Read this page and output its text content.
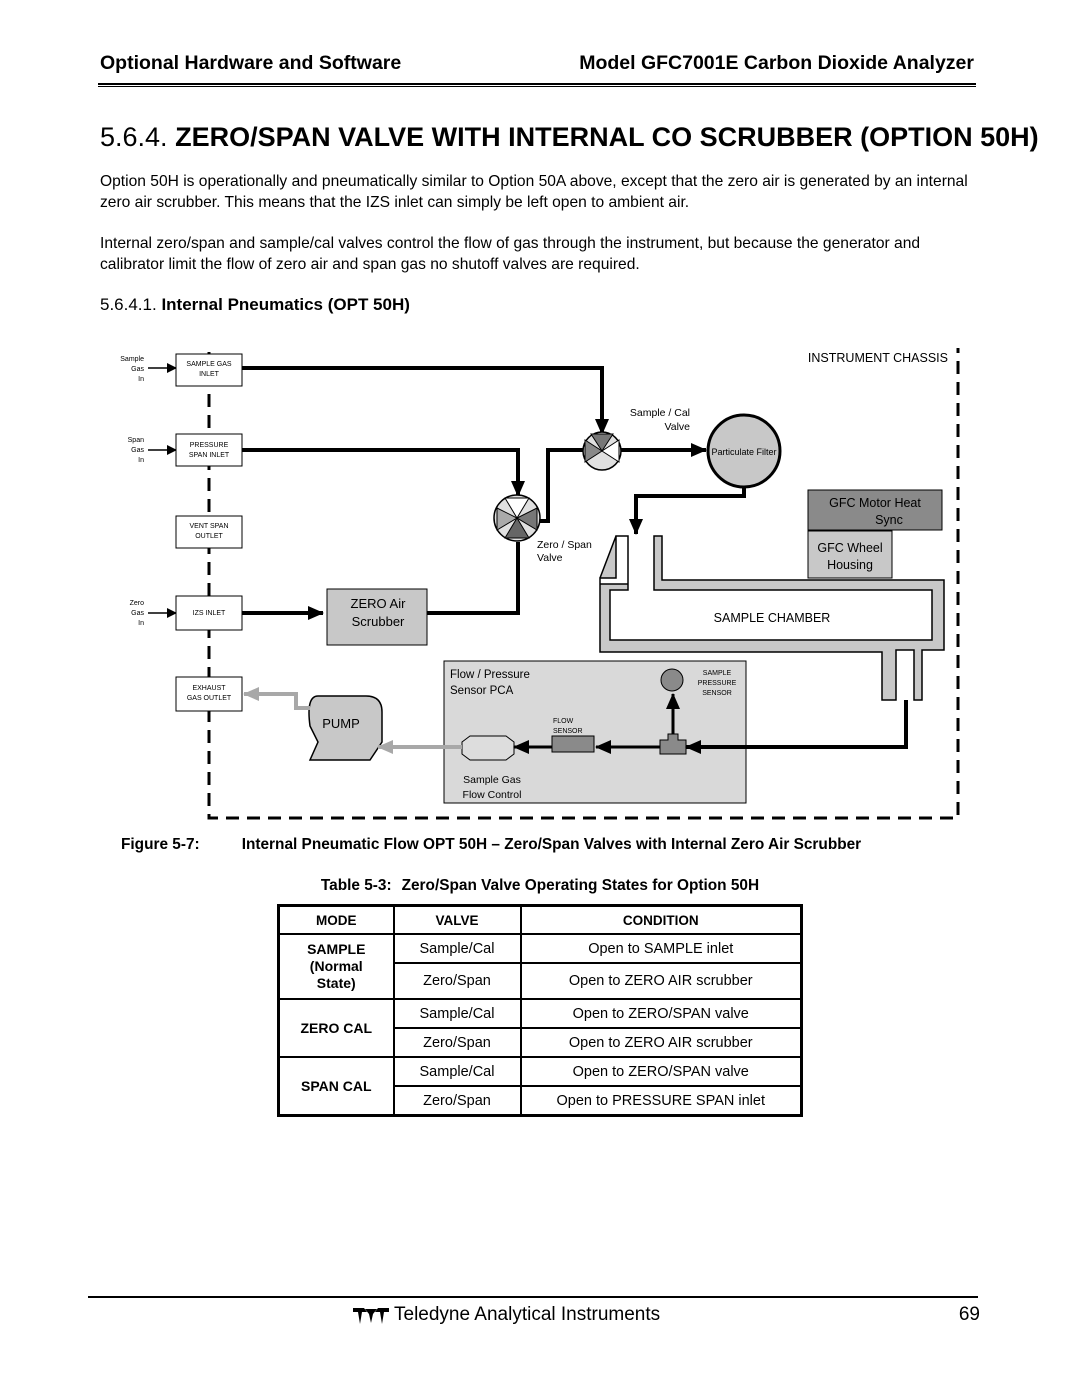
Optional Hardware and Software	Model GFC7001E Carbon Dioxide Analyzer
5.6.4. ZERO/SPAN VALVE WITH INTERNAL CO SCRUBBER (OPTION 50H)
Option 50H is operationally and pneumatically similar to Option 50A above, except that the zero air is generated by an internal zero air scrubber. This means that the IZS inlet can simply be left open to ambient air.
Internal zero/span and sample/cal valves control the flow of gas through the instrument, but because the generator and calibrator limit the flow of zero air and span gas no shutoff valves are required.
5.6.4.1. Internal Pneumatics (OPT 50H)
INSTRUMENT CHASSIS
Sample
Gas
In
Span
Gas
In
Zero
Gas
In
SAMPLE GAS
INLET
PRESSURE
SPAN INLET
VENT SPAN
OUTLET
IZS INLET
EXHAUST
GAS OUTLET
Sample / Cal
Valve
Zero / Span
Valve
Particulate Filter
ZERO Air
Scrubber
GFC Motor Heat
Sync
GFC Wheel
Housing
SAMPLE CHAMBER
Flow / Pressure
Sensor PCA
SAMPLE
PRESSURE
SENSOR
FLOW
SENSOR
Sample Gas
Flow Control
PUMP
Figure 5-7:	Internal Pneumatic Flow OPT 50H – Zero/Span Valves with Internal Zero Air Scrubber
Table 5-3: Zero/Span Valve Operating States for Option 50H
MODE	VALVE	CONDITION

SAMPLE
(Normal
State)	Sample/Cal	Open to SAMPLE inlet
	Zero/Span	Open to ZERO AIR scrubber
ZERO CAL	Sample/Cal	Open to ZERO/SPAN valve
	Zero/Span	Open to ZERO AIR scrubber
SPAN CAL	Sample/Cal	Open to ZERO/SPAN valve
	Zero/Span	Open to PRESSURE SPAN inlet
Teledyne Analytical Instruments	69
